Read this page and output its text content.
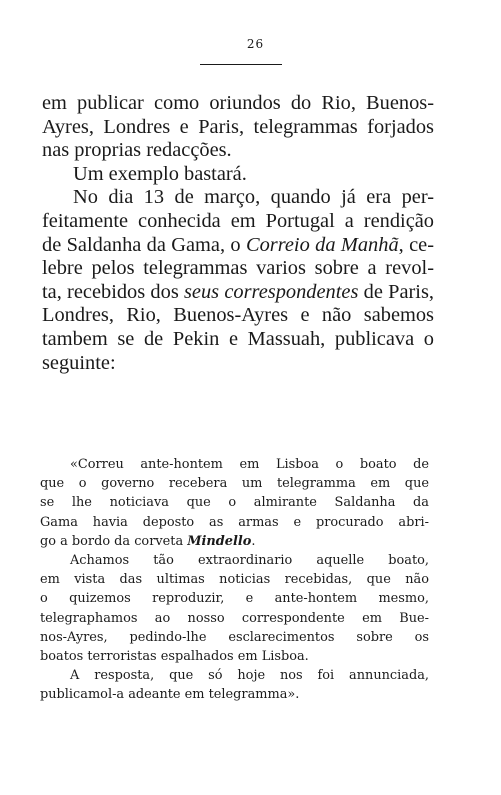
26
em publicar como oriundos do Rio, Buenos-
Ayres, Londres e Paris, telegrammas forjados
nas proprias redacções.
Um exemplo bastará.
No dia 13 de março, quando já era per-
feitamente conhecida em Portugal a rendição
de Saldanha da Gama, o Correio da Manhã, ce-
lebre pelos telegrammas varios sobre a revol-
ta, recebidos dos seus correspondentes de Paris,
Londres, Rio, Buenos-Ayres e não sabemos
tambem se de Pekin e Massuah, publicava o
seguinte:
«Correu ante-hontem em Lisboa o boato de
que o governo recebera um telegramma em que
se lhe noticiava que o almirante Saldanha da
Gama havia deposto as armas e procurado abri-
go a bordo da corveta Mindello.
Achamos tão extraordinario aquelle boato,
em vista das ultimas noticias recebidas, que não
o quizemos reproduzir, e ante-hontem mesmo,
telegraphamos ao nosso correspondente em Bue-
nos-Ayres, pedindo-lhe esclarecimentos sobre os
boatos terroristas espalhados em Lisboa.
A resposta, que só hoje nos foi annunciada,
publicamol-a adeante em telegramma».
